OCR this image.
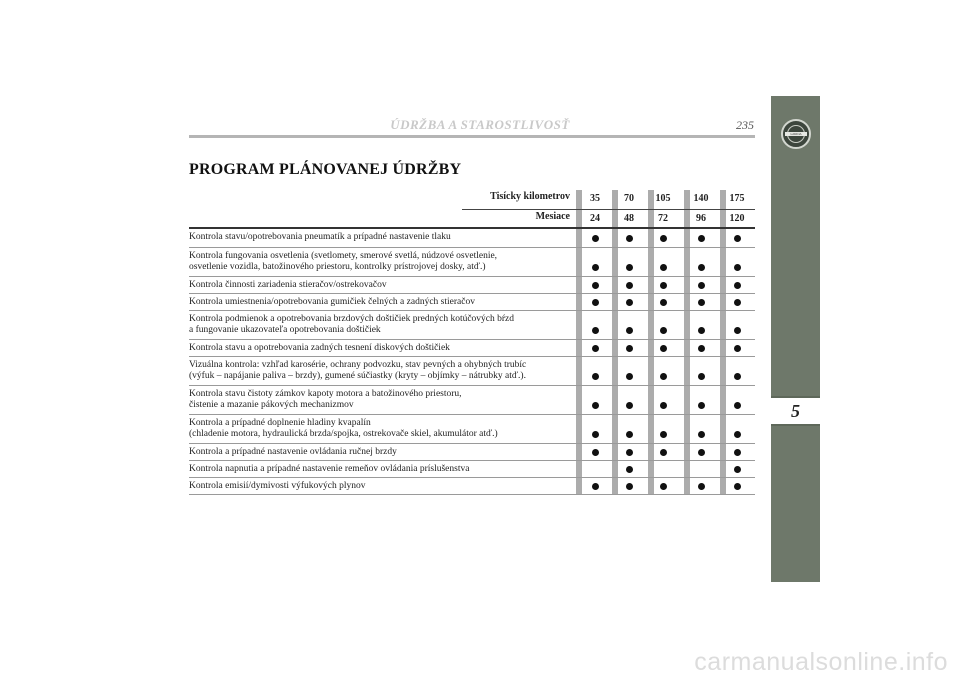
ÚDRŽBA A STAROSTLIVOSŤ	235
PROGRAM PLÁNOVANEJ ÚDRŽBY
LANCIA
5
Tisícky kilometrov
Mesiace
35
24
70
48
105
72
140
96
175
120
Kontrola stavu/opotrebovania pneumatík a prípadné nastavenie tlaku
Kontrola fungovania osvetlenia (svetlomety, smerové svetlá, núdzové osvetlenie,
osvetlenie vozidla, batožinového priestoru, kontrolky prístrojovej dosky, atď.)
Kontrola činnosti zariadenia stieračov/ostrekovačov
Kontrola umiestnenia/opotrebovania gumičiek čelných a zadných stieračov
Kontrola podmienok a opotrebovania brzdových doštičiek predných kotúčových bŕzd
a fungovanie ukazovateľa opotrebovania doštičiek
Kontrola stavu a opotrebovania zadných tesnení diskových doštičiek
Vizuálna kontrola: vzhľad karosérie, ochrany podvozku, stav pevných a ohybných trubíc
(výfuk – napájanie paliva – brzdy), gumené súčiastky (kryty – objímky – nátrubky atď.).
Kontrola stavu čistoty zámkov kapoty motora a batožinového priestoru,
čistenie a mazanie pákových mechanizmov
Kontrola a prípadné doplnenie hladiny kvapalín
(chladenie motora, hydraulická brzda/spojka, ostrekovače skiel, akumulátor atď.)
Kontrola a prípadné nastavenie ovládania ručnej brzdy
Kontrola napnutia a prípadné nastavenie remeňov ovládania príslušenstva
Kontrola emisií/dymivosti výfukových plynov
carmanualsonline.info
